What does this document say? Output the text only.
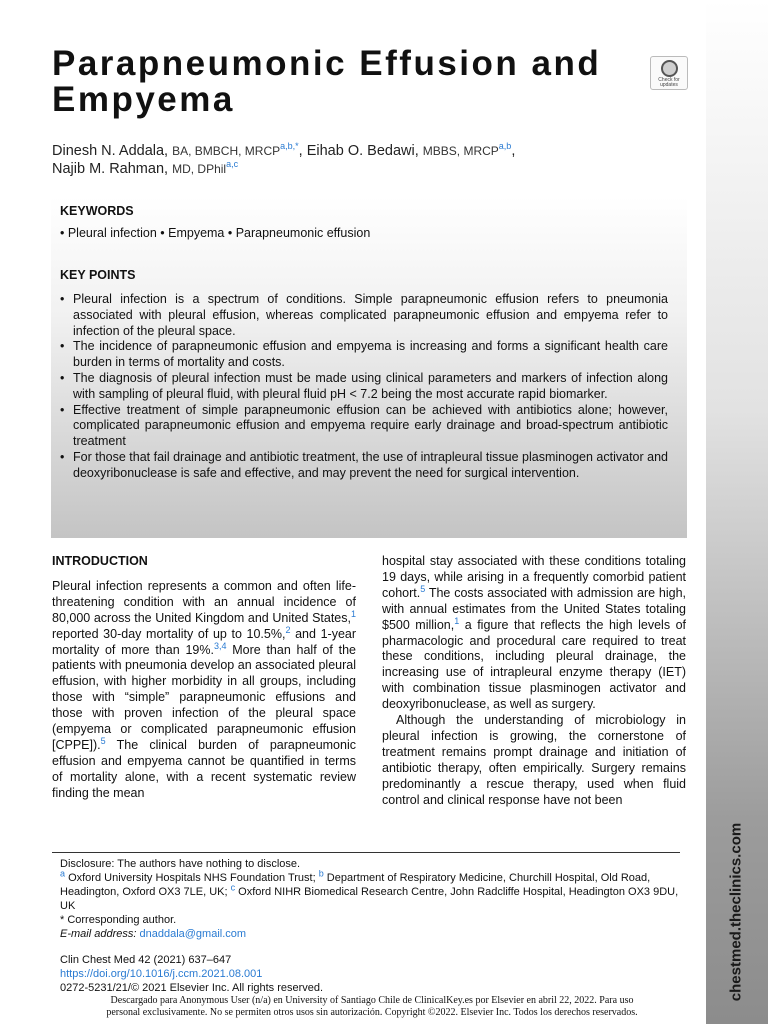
chestmed.theclinics.com
Parapneumonic Effusion and Empyema	Check for updates
Dinesh N. Addala, BA, BMBCH, MRCP$^{a,b,*}$, Eihab O. Bedawi, MBBS, MRCP$^{a,b}$,
Najib M. Rahman, MD, DPhil$^{a,c}$
KEYWORDS
• Pleural infection • Empyema • Parapneumonic effusion
KEY POINTS
• Pleural infection is a spectrum of conditions. Simple parapneumonic effusion refers to pneumonia associated with pleural effusion, whereas complicated parapneumonic effusion and empyema refer to infection of the pleural space.
• The incidence of parapneumonic effusion and empyema is increasing and forms a significant health care burden in terms of mortality and costs.
• The diagnosis of pleural infection must be made using clinical parameters and markers of infection along with sampling of pleural fluid, with pleural fluid pH < 7.2 being the most accurate rapid biomarker.
• Effective treatment of simple parapneumonic effusion can be achieved with antibiotics alone; however, complicated parapneumonic effusion and empyema require early drainage and broad-spectrum antibiotic treatment
• For those that fail drainage and antibiotic treatment, the use of intrapleural tissue plasminogen activator and deoxyribonuclease is safe and effective, and may prevent the need for surgical intervention.
INTRODUCTION

Pleural infection represents a common and often life-threatening condition with an annual incidence of 80,000 across the United Kingdom and United States,$^1$ reported 30-day mortality of up to 10.5%,$^2$ and 1-year mortality of more than 19%.$^{3,4}$ More than half of the patients with pneumonia develop an associated pleural effusion, with higher morbidity in all groups, including those with “simple” parapneumonic effusions and those with proven infection of the pleural space (empyema or complicated parapneumonic effusion [CPPE]).$^5$ The clinical burden of parapneumonic effusion and empyema cannot be quantified in terms of mortality alone, with a recent systematic review finding the mean

hospital stay associated with these conditions totaling 19 days, while arising in a frequently comorbid patient cohort.$^5$ The costs associated with admission are high, with annual estimates from the United States totaling $500 million,$^1$ a figure that reflects the high levels of pharmacologic and procedural care required to treat these conditions, including pleural drainage, the increasing use of intrapleural enzyme therapy (IET) with combination tissue plasminogen activator and deoxyribonuclease, as well as surgery.

Although the understanding of microbiology in pleural infection is growing, the cornerstone of treatment remains prompt drainage and initiation of antibiotic therapy, often empirically. Surgery remains predominantly a rescue therapy, used when fluid control and clinical response have not been

Disclosure: The authors have nothing to disclose.

$^a$ Oxford University Hospitals NHS Foundation Trust; $^b$ Department of Respiratory Medicine, Churchill Hospital, Old Road, Headington, Oxford OX3 7LE, UK; $^c$ Oxford NIHR Biomedical Research Centre, John Radcliffe Hospital, Headington OX3 9DU, UK

* Corresponding author.

E-mail address: dnaddala@gmail.com

Clin Chest Med 42 (2021) 637–647

https://doi.org/10.1016/j.ccm.2021.08.001

0272-5231/21/© 2021 Elsevier Inc. All rights reserved.

Descargado para Anonymous User (n/a) en University of Santiago Chile de ClinicalKey.es por Elsevier en abril 22, 2022. Para uso

personal exclusivamente. No se permiten otros usos sin autorización. Copyright ©2022. Elsevier Inc. Todos los derechos reservados.
